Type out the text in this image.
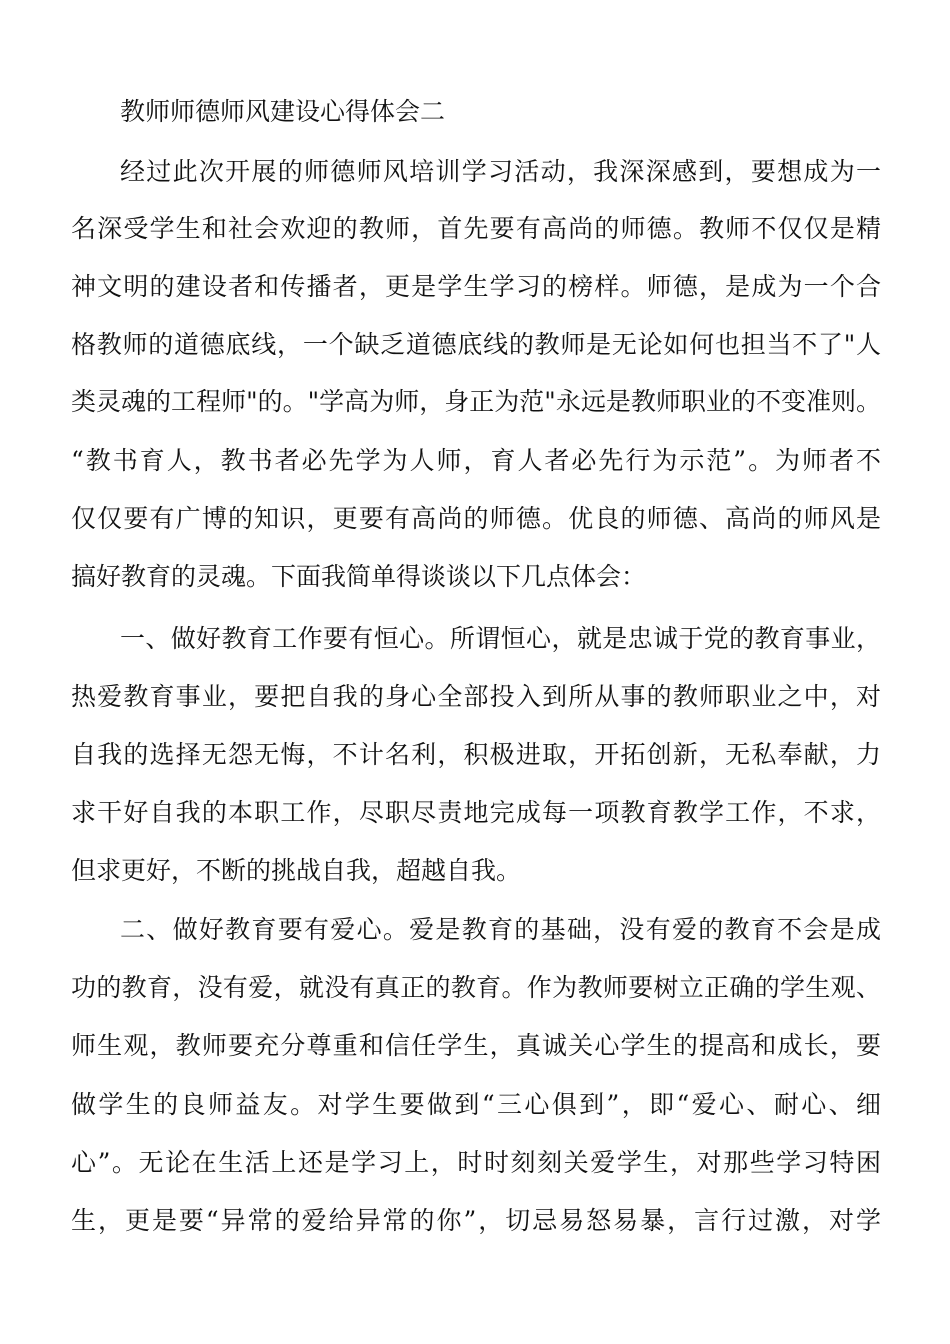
教师师德师风建设心得体会二
经过此次开展的师德师风培训学习活动，我深深感到，要想成为一
名深受学生和社会欢迎的教师，首先要有高尚的师德。教师不仅仅是精
神文明的建设者和传播者，更是学生学习的榜样。师德，是成为一个合
格教师的道德底线，一个缺乏道德底线的教师是无论如何也担当不了"人
类灵魂的工程师"的。"学高为师，身正为范"永远是教师职业的不变准则。
“教书育人，教书者必先学为人师，育人者必先行为示范”。为师者不
仅仅要有广博的知识，更要有高尚的师德。优良的师德、高尚的师风是
搞好教育的灵魂。下面我简单得谈谈以下几点体会：
一、做好教育工作要有恒心。所谓恒心，就是忠诚于党的教育事业，
热爱教育事业，要把自我的身心全部投入到所从事的教师职业之中，对
自我的选择无怨无悔，不计名利，积极进取，开拓创新，无私奉献，力
求干好自我的本职工作，尽职尽责地完成每一项教育教学工作，不求，
但求更好，不断的挑战自我，超越自我。
二、做好教育要有爱心。爱是教育的基础，没有爱的教育不会是成
功的教育，没有爱，就没有真正的教育。作为教师要树立正确的学生观、
师生观，教师要充分尊重和信任学生，真诚关心学生的提高和成长，要
做学生的良师益友。对学生要做到“三心俱到”，即“爱心、耐心、细
心”。无论在生活上还是学习上，时时刻刻关爱学生，对那些学习特困
生，更是要“异常的爱给异常的你”，切忌易怒易暴，言行过激，对学
